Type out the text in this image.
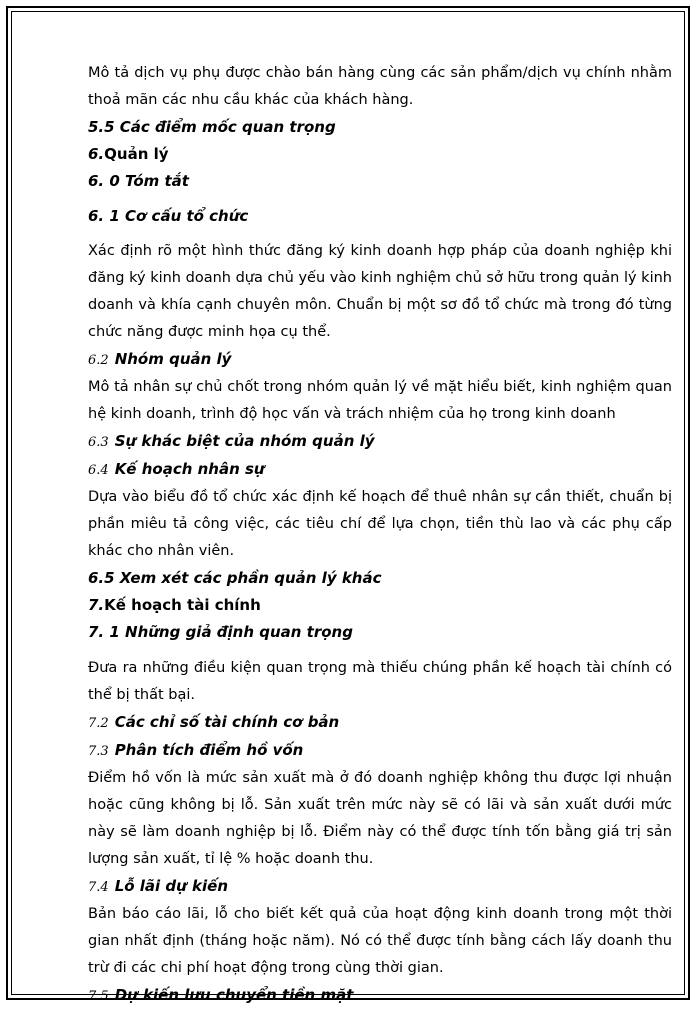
Mô tả dịch vụ phụ được chào bán hàng cùng các sản phẩm/dịch vụ chính nhằm thoả mãn các nhu cầu khác của khách hàng.

5.5 Các điểm mốc quan trọng

6.Quản lý

6. 0 Tóm tắt

6. 1 Cơ cấu tổ chức

Xác định rõ một hình thức đăng ký kinh doanh hợp pháp của doanh nghiệp khi đăng ký kinh doanh dựa chủ yếu vào kinh nghiệm chủ sở hữu trong quản lý kinh doanh và khía cạnh chuyên môn. Chuẩn bị một sơ đồ tổ chức mà trong đó từng chức năng được minh họa cụ thể.

6.2 Nhóm quản lý

Mô tả nhân sự chủ chốt trong nhóm quản lý về mặt hiểu biết, kinh nghiệm quan hệ kinh doanh, trình độ học vấn và trách nhiệm của họ trong kinh doanh

6.3 Sự khác biệt của nhóm quản lý

6.4 Kế hoạch nhân sự

Dựa vào biểu đồ tổ chức xác định kế hoạch để thuê nhân sự cần thiết, chuẩn bị phần miêu tả công việc, các tiêu chí để lựa chọn, tiền thù lao và các phụ cấp khác cho nhân viên.

6.5 Xem xét các phần quản lý khác

7.Kế hoạch tài chính

7. 1 Những giả định quan trọng

Đưa ra những điều kiện quan trọng mà thiếu chúng phần kế hoạch tài chính có thể bị thất bại.

7.2 Các chỉ số tài chính cơ bản

7.3 Phân tích điểm hồ vốn

Điểm hồ vốn là mức sản xuất mà ở đó doanh nghiệp không thu được lợi nhuận hoặc cũng không bị lỗ. Sản xuất trên mức này sẽ có lãi và sản xuất dưới mức này sẽ làm doanh nghiệp bị lỗ. Điểm này có thể được tính tốn bằng giá trị sản lượng sản xuất, tỉ lệ % hoặc doanh thu.

7.4 Lỗ lãi dự kiến

Bản báo cáo lãi, lỗ cho biết kết quả của hoạt động kinh doanh trong một thời gian nhất định (tháng hoặc năm). Nó có thể được tính bằng cách lấy doanh thu trừ đi các chi phí hoạt động trong cùng thời gian.

7.5 Dự kiến lưu chuyển tiền mặt
